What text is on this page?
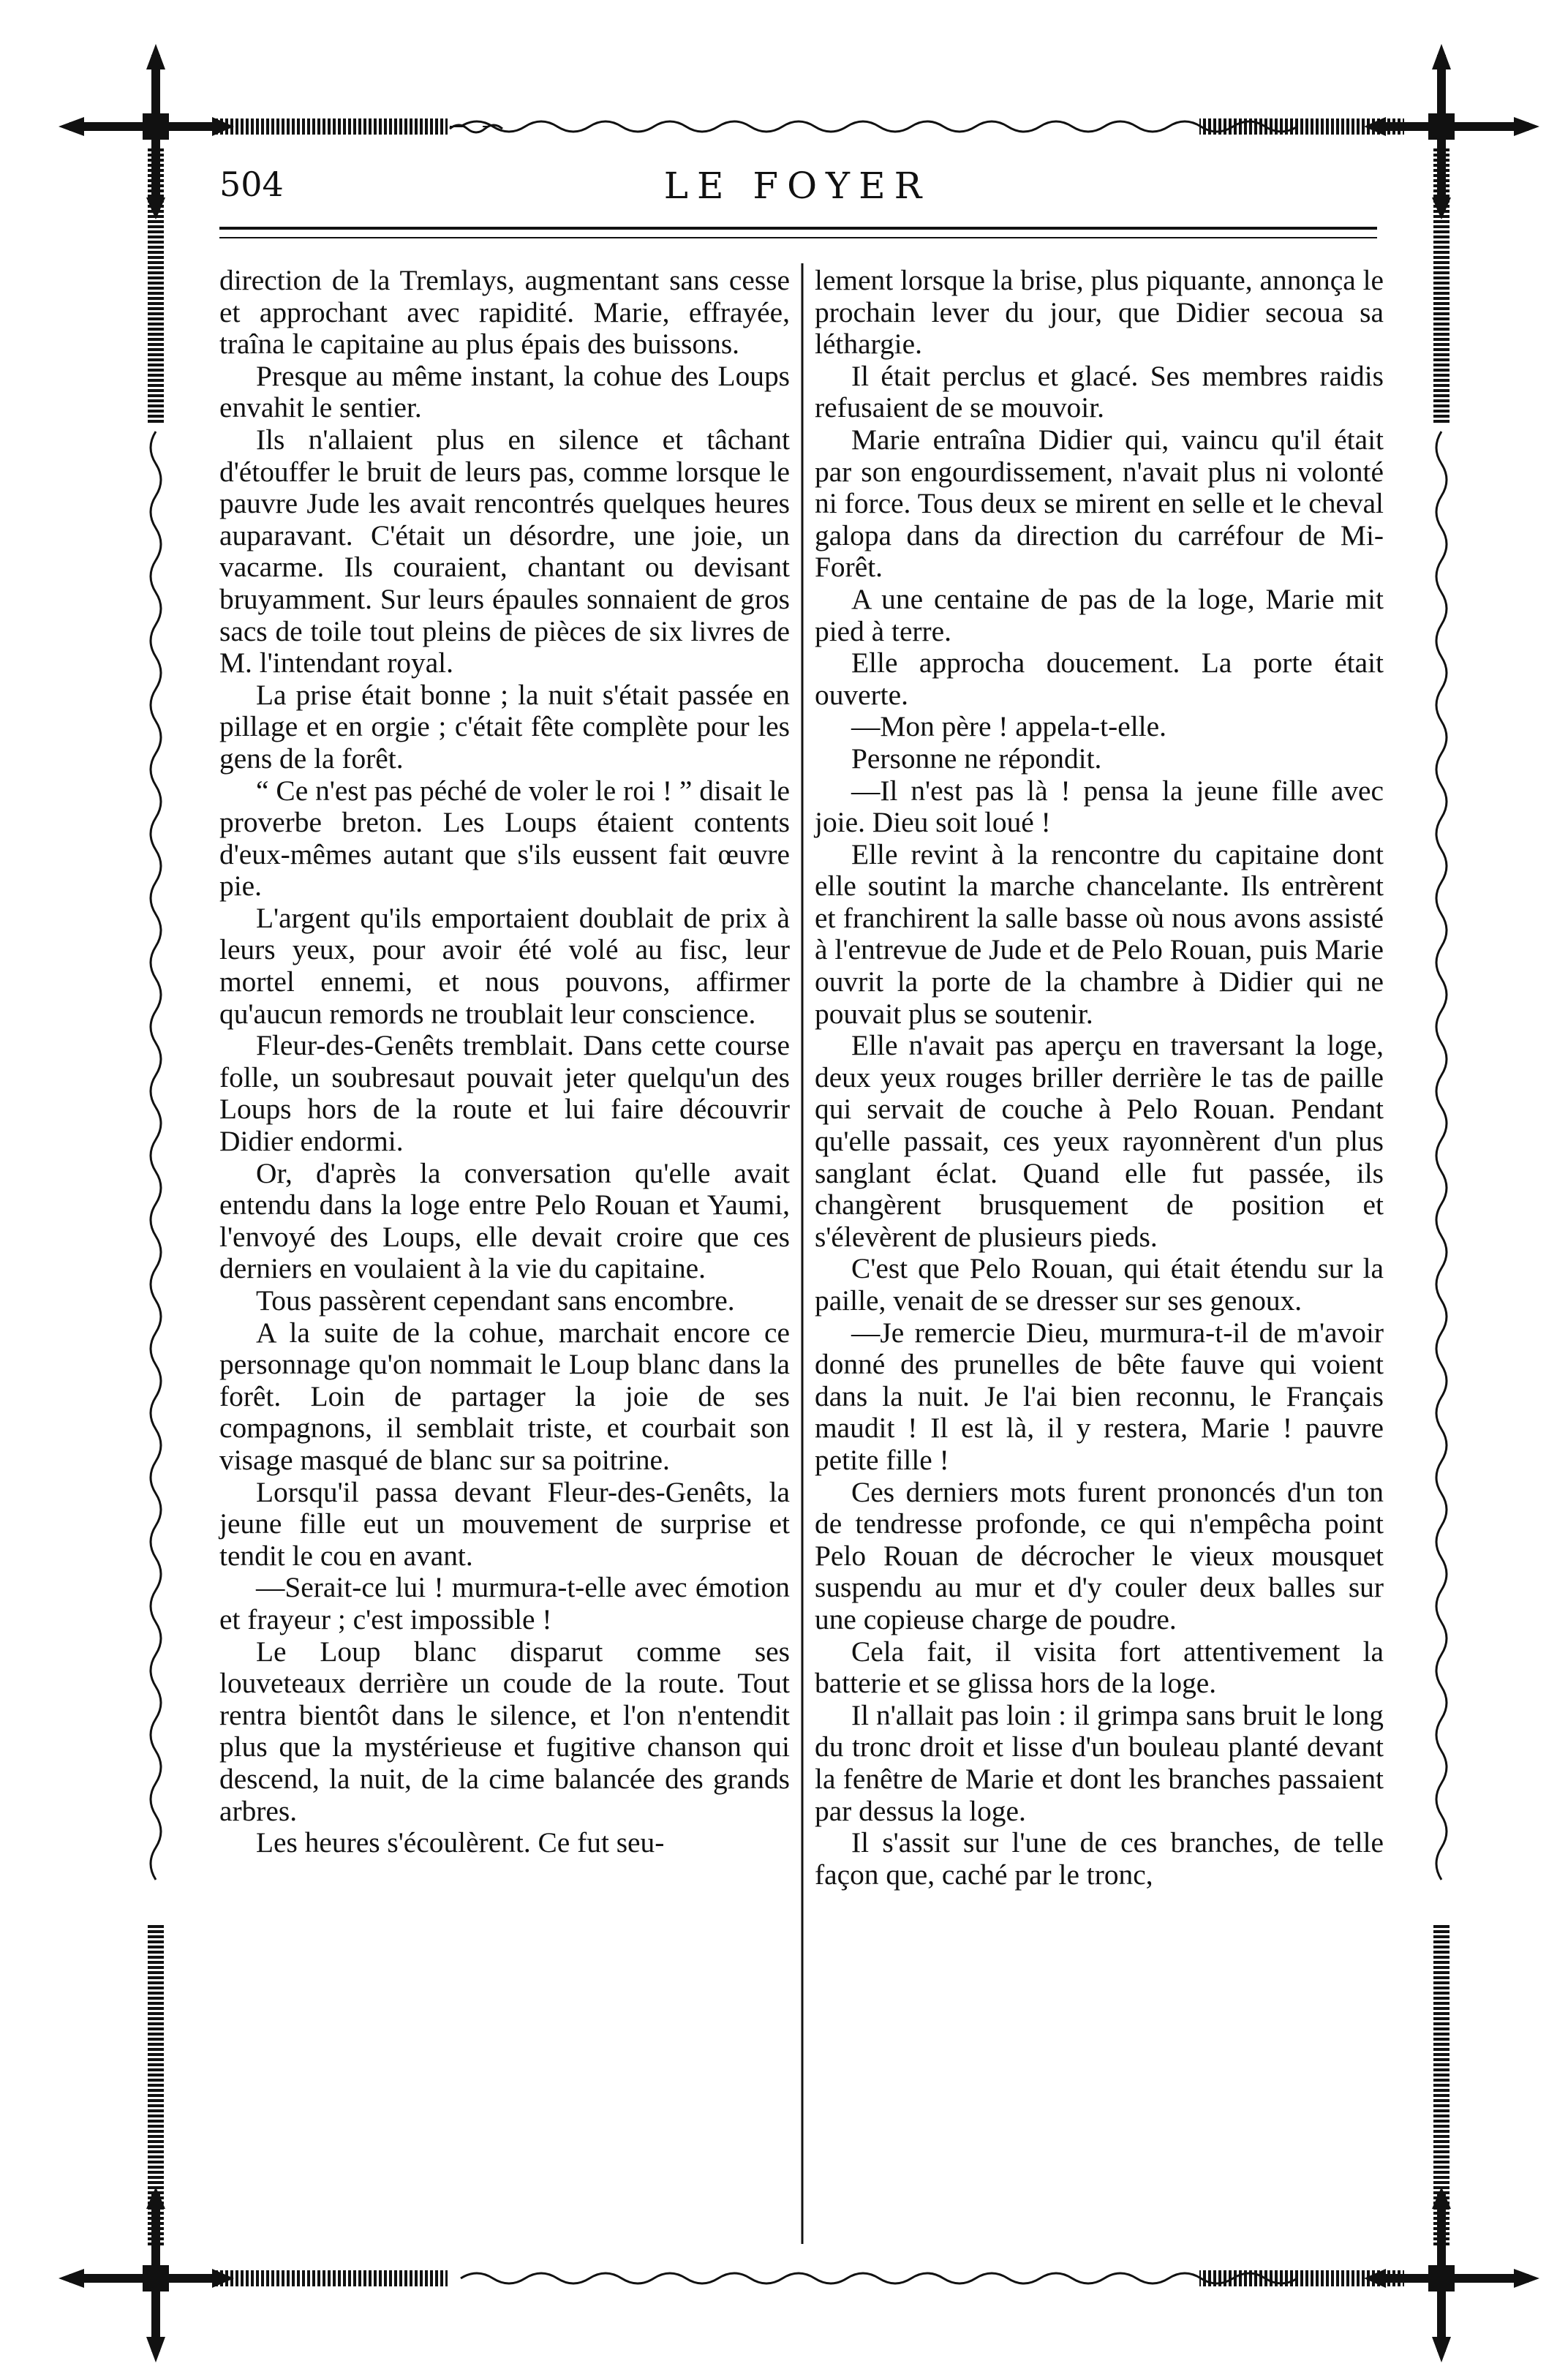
504	LE FOYER

direction de la Tremlays, augmentant sans cesse et approchant avec rapidité. Marie, effrayée, traîna le capitaine au plus épais des buissons.

Presque au même instant, la cohue des Loups envahit le sentier.

Ils n'allaient plus en silence et tâchant d'étouffer le bruit de leurs pas, comme lorsque le pauvre Jude les avait rencontrés quelques heures auparavant. C'était un désordre, une joie, un vacarme. Ils couraient, chantant ou devisant bruyamment. Sur leurs épaules sonnaient de gros sacs de toile tout pleins de pièces de six livres de M. l'intendant royal.

La prise était bonne ; la nuit s'était passée en pillage et en orgie ; c'était fête complète pour les gens de la forêt.

“ Ce n'est pas péché de voler le roi ! ” disait le proverbe breton. Les Loups étaient contents d'eux-mêmes autant que s'ils eussent fait œuvre pie.

L'argent qu'ils emportaient doublait de prix à leurs yeux, pour avoir été volé au fisc, leur mortel ennemi, et nous pouvons, affirmer qu'aucun remords ne troublait leur conscience.

Fleur-des-Genêts tremblait. Dans cette course folle, un soubresaut pouvait jeter quelqu'un des Loups hors de la route et lui faire découvrir Didier endormi.

Or, d'après la conversation qu'elle avait entendu dans la loge entre Pelo Rouan et Yaumi, l'envoyé des Loups, elle devait croire que ces derniers en voulaient à la vie du capitaine.

Tous passèrent cependant sans encombre.

A la suite de la cohue, marchait encore ce personnage qu'on nommait le Loup blanc dans la forêt. Loin de partager la joie de ses compagnons, il semblait triste, et courbait son visage masqué de blanc sur sa poitrine.

Lorsqu'il passa devant Fleur-des-Genêts, la jeune fille eut un mouvement de surprise et tendit le cou en avant.

—Serait-ce lui ! murmura-t-elle avec émotion et frayeur ; c'est impossible !

Le Loup blanc disparut comme ses louveteaux derrière un coude de la route. Tout rentra bientôt dans le silence, et l'on n'entendit plus que la mystérieuse et fugitive chanson qui descend, la nuit, de la cime balancée des grands arbres.

Les heures s'écoulèrent. Ce fut seu-

lement lorsque la brise, plus piquante, annonça le prochain lever du jour, que Didier secoua sa léthargie.

Il était perclus et glacé. Ses membres raidis refusaient de se mouvoir.

Marie entraîna Didier qui, vaincu qu'il était par son engourdissement, n'avait plus ni volonté ni force. Tous deux se mirent en selle et le cheval galopa dans da direction du carréfour de Mi-Forêt.

A une centaine de pas de la loge, Marie mit pied à terre.

Elle approcha doucement. La porte était ouverte.

—Mon père ! appela-t-elle.

Personne ne répondit.

—Il n'est pas là ! pensa la jeune fille avec joie. Dieu soit loué !

Elle revint à la rencontre du capitaine dont elle soutint la marche chancelante. Ils entrèrent et franchirent la salle basse où nous avons assisté à l'entrevue de Jude et de Pelo Rouan, puis Marie ouvrit la porte de la chambre à Didier qui ne pouvait plus se soutenir.

Elle n'avait pas aperçu en traversant la loge, deux yeux rouges briller derrière le tas de paille qui servait de couche à Pelo Rouan. Pendant qu'elle passait, ces yeux rayonnèrent d'un plus sanglant éclat. Quand elle fut passée, ils changèrent brusquement de position et s'élevèrent de plusieurs pieds.

C'est que Pelo Rouan, qui était étendu sur la paille, venait de se dresser sur ses genoux.

—Je remercie Dieu, murmura-t-il de m'avoir donné des prunelles de bête fauve qui voient dans la nuit. Je l'ai bien reconnu, le Français maudit ! Il est là, il y restera, Marie ! pauvre petite fille !

Ces derniers mots furent prononcés d'un ton de tendresse profonde, ce qui n'empêcha point Pelo Rouan de décrocher le vieux mousquet suspendu au mur et d'y couler deux balles sur une copieuse charge de poudre.

Cela fait, il visita fort attentivement la batterie et se glissa hors de la loge.

Il n'allait pas loin : il grimpa sans bruit le long du tronc droit et lisse d'un bouleau planté devant la fenêtre de Marie et dont les branches passaient par dessus la loge.

Il s'assit sur l'une de ces branches, de telle façon que, caché par le tronc,
